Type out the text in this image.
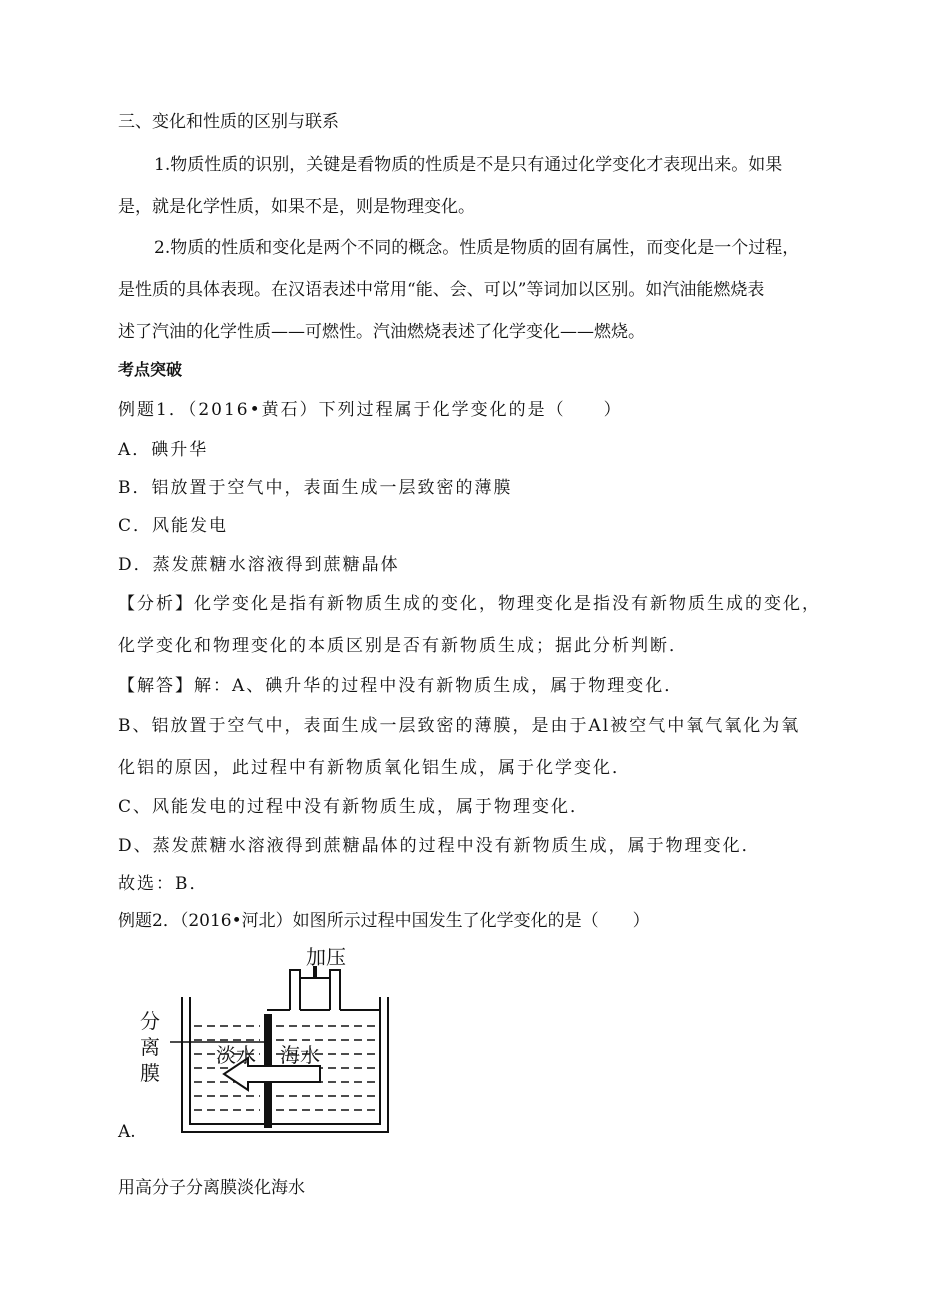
三、变化和性质的区别与联系
1.物质性质的识别，关键是看物质的性质是不是只有通过化学变化才表现出来。如果
是，就是化学性质，如果不是，则是物理变化。
2.物质的性质和变化是两个不同的概念。性质是物质的固有属性，而变化是一个过程，
是性质的具体表现。在汉语表述中常用“能、会、可以”等词加以区别。如汽油能燃烧表
述了汽油的化学性质——可燃性。汽油燃烧表述了化学变化——燃烧。
考点突破
例题1．（2016•黄石）下列过程属于化学变化的是（　　）
A．碘升华
B．铝放置于空气中，表面生成一层致密的薄膜
C．风能发电
D．蒸发蔗糖水溶液得到蔗糖晶体
【分析】化学变化是指有新物质生成的变化，物理变化是指没有新物质生成的变化，
化学变化和物理变化的本质区别是否有新物质生成；据此分析判断．
【解答】解：A、碘升华的过程中没有新物质生成，属于物理变化．
B、铝放置于空气中，表面生成一层致密的薄膜，是由于Al被空气中氧气氧化为氧
化铝的原因，此过程中有新物质氧化铝生成，属于化学变化．
C、风能发电的过程中没有新物质生成，属于物理变化．
D、蒸发蔗糖水溶液得到蔗糖晶体的过程中没有新物质生成，属于物理变化．
故选：B．
例题2．（2016•河北）如图所示过程中国发生了化学变化的是（　　）
加压
分
离
膜
淡水 海水
A.
用高分子分离膜淡化海水
